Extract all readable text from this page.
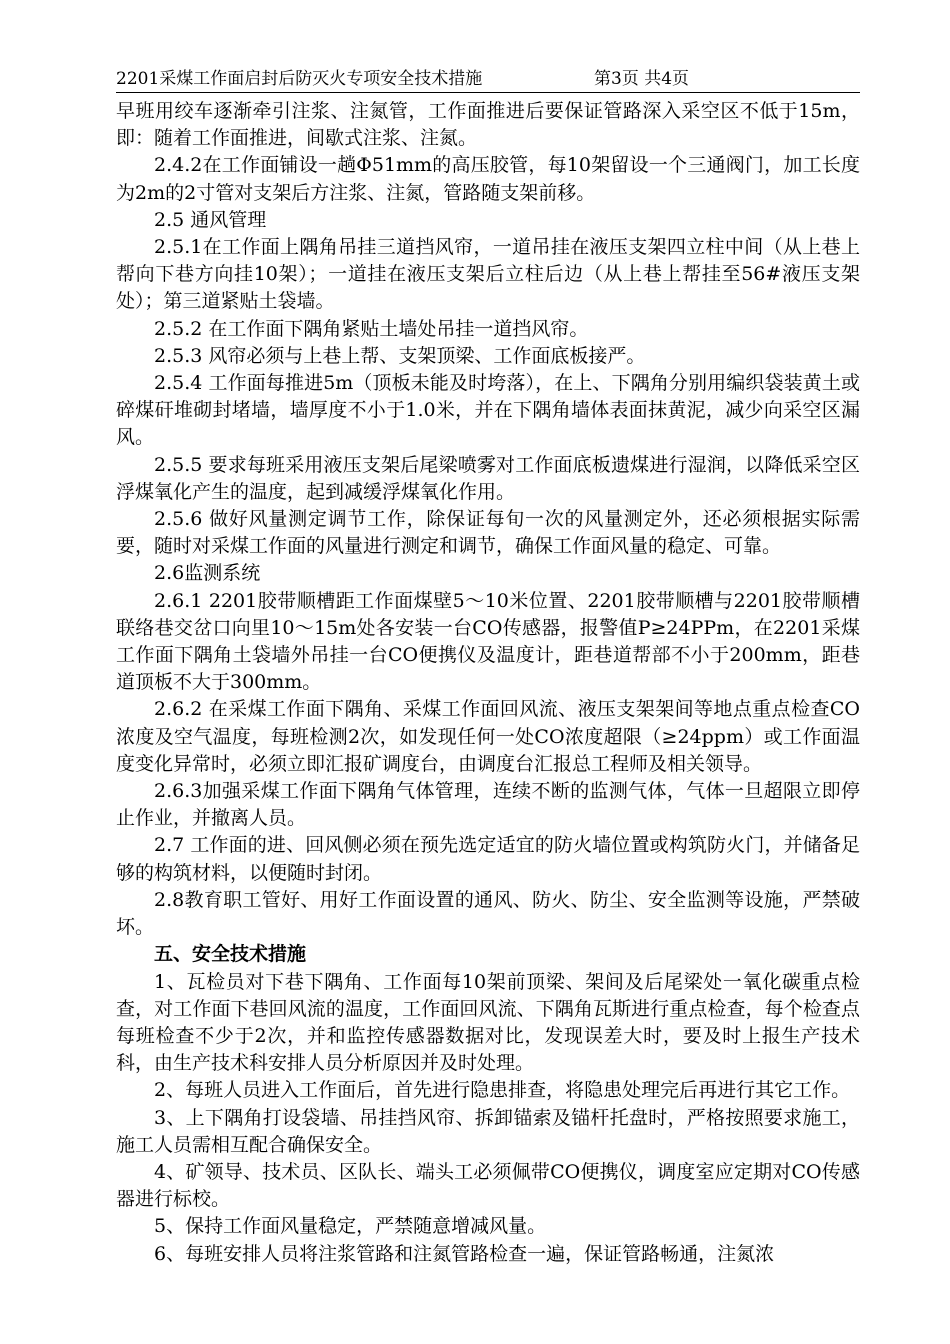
2201采煤工作面启封后防灭火专项安全技术措施	第3页 共4页

早班用绞车逐渐牵引注浆、注氮管，工作面推进后要保证管路深入采空区不低于15m，即：随着工作面推进，间歇式注浆、注氮。

2.4.2在工作面铺设一趟Φ51mm的高压胶管，每10架留设一个三通阀门，加工长度为2m的2寸管对支架后方注浆、注氮，管路随支架前移。

2.5 通风管理

2.5.1在工作面上隅角吊挂三道挡风帘，一道吊挂在液压支架四立柱中间（从上巷上帮向下巷方向挂10架）；一道挂在液压支架后立柱后边（从上巷上帮挂至56#液压支架处）；第三道紧贴土袋墙。

2.5.2 在工作面下隅角紧贴土墙处吊挂一道挡风帘。

2.5.3 风帘必须与上巷上帮、支架顶梁、工作面底板接严。

2.5.4 工作面每推进5m（顶板未能及时垮落），在上、下隅角分别用编织袋装黄土或碎煤矸堆砌封堵墙，墙厚度不小于1.0米，并在下隅角墙体表面抹黄泥，减少向采空区漏风。

2.5.5 要求每班采用液压支架后尾梁喷雾对工作面底板遗煤进行湿润，以降低采空区浮煤氧化产生的温度，起到减缓浮煤氧化作用。

2.5.6 做好风量测定调节工作，除保证每旬一次的风量测定外，还必须根据实际需要，随时对采煤工作面的风量进行测定和调节，确保工作面风量的稳定、可靠。

2.6监测系统

2.6.1 2201胶带顺槽距工作面煤壁5～10米位置、2201胶带顺槽与2201胶带顺槽联络巷交岔口向里10～15m处各安装一台CO传感器，报警值P≥24PPm，在2201采煤工作面下隅角土袋墙外吊挂一台CO便携仪及温度计，距巷道帮部不小于200mm，距巷道顶板不大于300mm。

2.6.2 在采煤工作面下隅角、采煤工作面回风流、液压支架架间等地点重点检查CO浓度及空气温度，每班检测2次，如发现任何一处CO浓度超限（≥24ppm）或工作面温度变化异常时，必须立即汇报矿调度台，由调度台汇报总工程师及相关领导。

2.6.3加强采煤工作面下隅角气体管理，连续不断的监测气体，气体一旦超限立即停止作业，并撤离人员。

2.7 工作面的进、回风侧必须在预先选定适宜的防火墙位置或构筑防火门，并储备足够的构筑材料，以便随时封闭。

2.8教育职工管好、用好工作面设置的通风、防火、防尘、安全监测等设施，严禁破坏。

五、安全技术措施

1、瓦检员对下巷下隅角、工作面每10架前顶梁、架间及后尾梁处一氧化碳重点检查，对工作面下巷回风流的温度，工作面回风流、下隅角瓦斯进行重点检查，每个检查点每班检查不少于2次，并和监控传感器数据对比，发现误差大时，要及时上报生产技术科，由生产技术科安排人员分析原因并及时处理。

2、每班人员进入工作面后，首先进行隐患排查，将隐患处理完后再进行其它工作。

3、上下隅角打设袋墙、吊挂挡风帘、拆卸锚索及锚杆托盘时，严格按照要求施工，施工人员需相互配合确保安全。

4、矿领导、技术员、区队长、端头工必须佩带CO便携仪，调度室应定期对CO传感器进行标校。

5、保持工作面风量稳定，严禁随意增减风量。

6、每班安排人员将注浆管路和注氮管路检查一遍，保证管路畅通，注氮浓
